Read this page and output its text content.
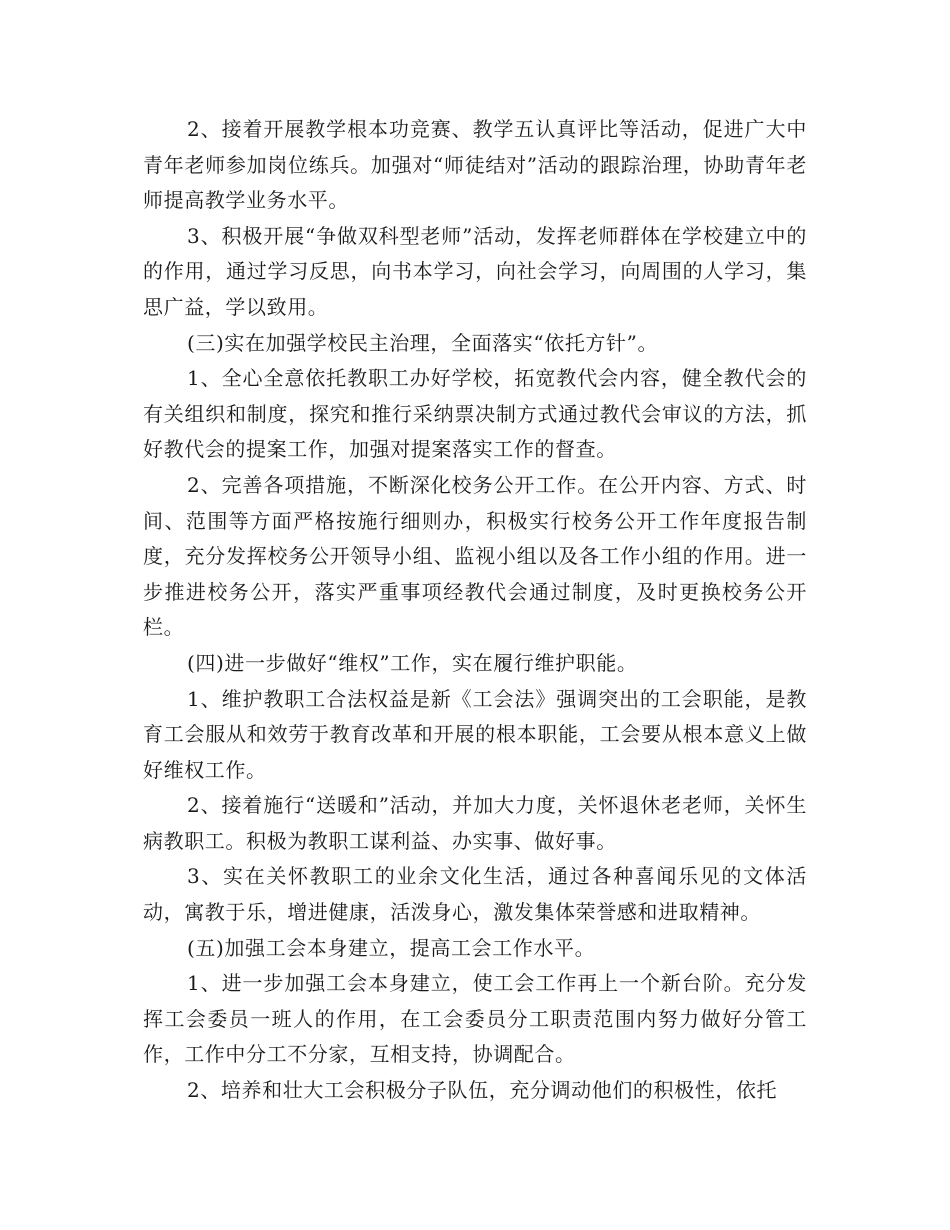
2、接着开展教学根本功竞赛、教学五认真评比等活动，促进广大中青年老师参加岗位练兵。加强对“师徒结对”活动的跟踪治理，协助青年老师提高教学业务水平。

3、积极开展“争做双科型老师”活动，发挥老师群体在学校建立中的的作用，通过学习反思，向书本学习，向社会学习，向周围的人学习，集思广益，学以致用。

(三)实在加强学校民主治理，全面落实“依托方针”。

1、全心全意依托教职工办好学校，拓宽教代会内容，健全教代会的有关组织和制度，探究和推行采纳票决制方式通过教代会审议的方法，抓好教代会的提案工作，加强对提案落实工作的督查。

2、完善各项措施，不断深化校务公开工作。在公开内容、方式、时间、范围等方面严格按施行细则办，积极实行校务公开工作年度报告制度，充分发挥校务公开领导小组、监视小组以及各工作小组的作用。进一步推进校务公开，落实严重事项经教代会通过制度，及时更换校务公开栏。

(四)进一步做好“维权”工作，实在履行维护职能。

1、维护教职工合法权益是新《工会法》强调突出的工会职能，是教育工会服从和效劳于教育改革和开展的根本职能，工会要从根本意义上做好维权工作。

2、接着施行“送暖和”活动，并加大力度，关怀退休老老师，关怀生病教职工。积极为教职工谋利益、办实事、做好事。

3、实在关怀教职工的业余文化生活，通过各种喜闻乐见的文体活动，寓教于乐，增进健康，活泼身心，激发集体荣誉感和进取精神。

(五)加强工会本身建立，提高工会工作水平。

1、进一步加强工会本身建立，使工会工作再上一个新台阶。充分发挥工会委员一班人的作用，在工会委员分工职责范围内努力做好分管工作，工作中分工不分家，互相支持，协调配合。

2、培养和壮大工会积极分子队伍，充分调动他们的积极性，依托
